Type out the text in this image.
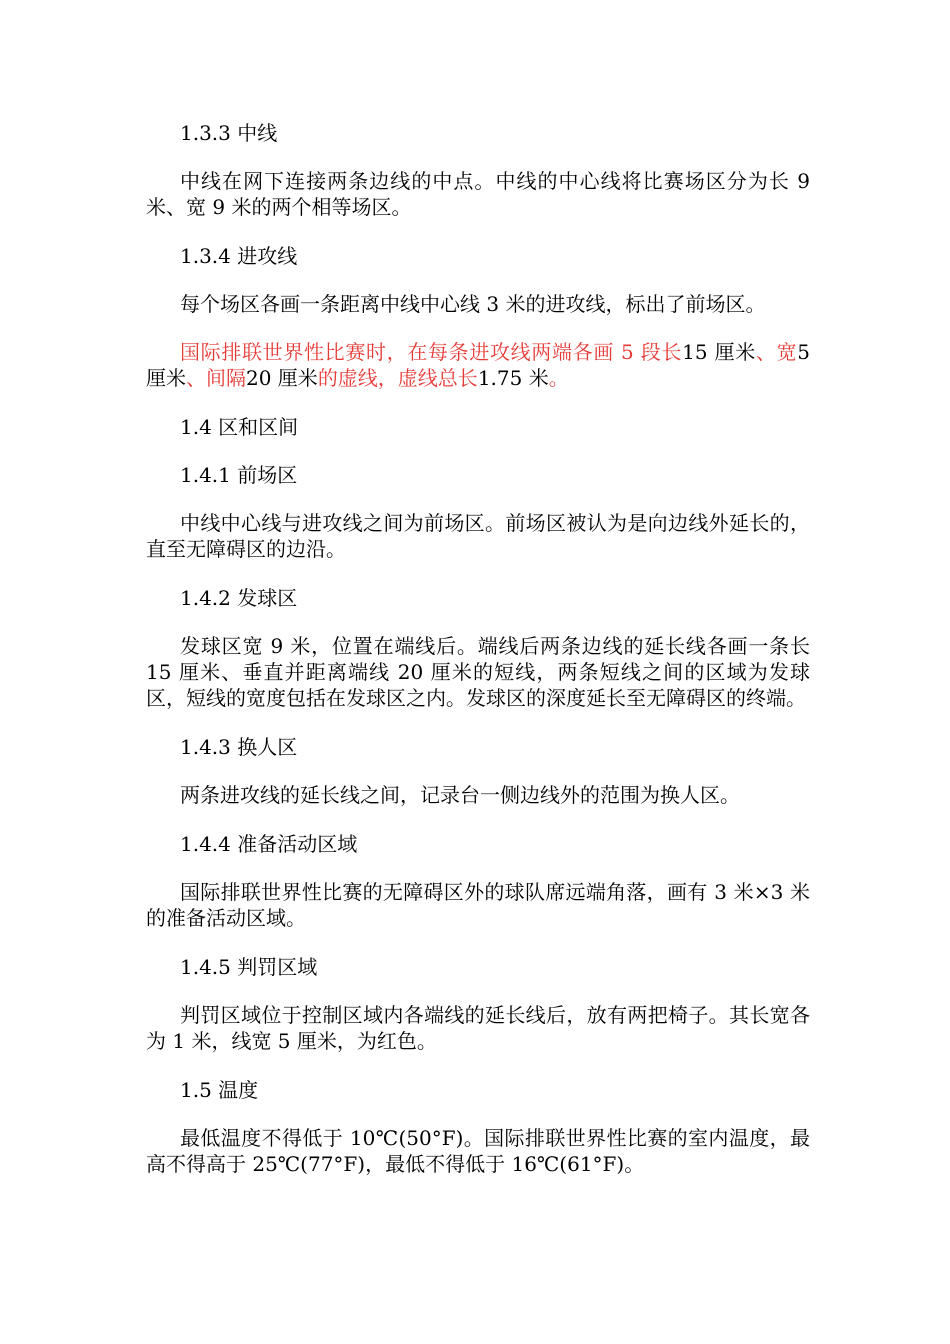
1.3.3 中线

中线在网下连接两条边线的中点。中线的中心线将比赛场区分为长 9 米、宽 9 米的两个相等场区。

1.3.4 进攻线

每个场区各画一条距离中线中心线 3 米的进攻线，标出了前场区。

国际排联世界性比赛时，在每条进攻线两端各画 5 段长15 厘米、宽5 厘米、间隔20 厘米的虚线，虚线总长1.75 米。

1.4 区和区间
1.4.1 前场区

中线中心线与进攻线之间为前场区。前场区被认为是向边线外延长的，直至无障碍区的边沿。

1.4.2 发球区

发球区宽 9 米，位置在端线后。端线后两条边线的延长线各画一条长 15 厘米、垂直并距离端线 20 厘米的短线，两条短线之间的区域为发球区，短线的宽度包括在发球区之内。发球区的深度延长至无障碍区的终端。

1.4.3 换人区

两条进攻线的延长线之间，记录台一侧边线外的范围为换人区。

1.4.4 准备活动区域

国际排联世界性比赛的无障碍区外的球队席远端角落，画有 3 米×3 米的准备活动区域。

1.4.5 判罚区域

判罚区域位于控制区域内各端线的延长线后，放有两把椅子。其长宽各为 1 米，线宽 5 厘米，为红色。

1.5 温度

最低温度不得低于 10℃(50°F)。国际排联世界性比赛的室内温度，最高不得高于 25℃(77°F)，最低不得低于 16℃(61°F)。
